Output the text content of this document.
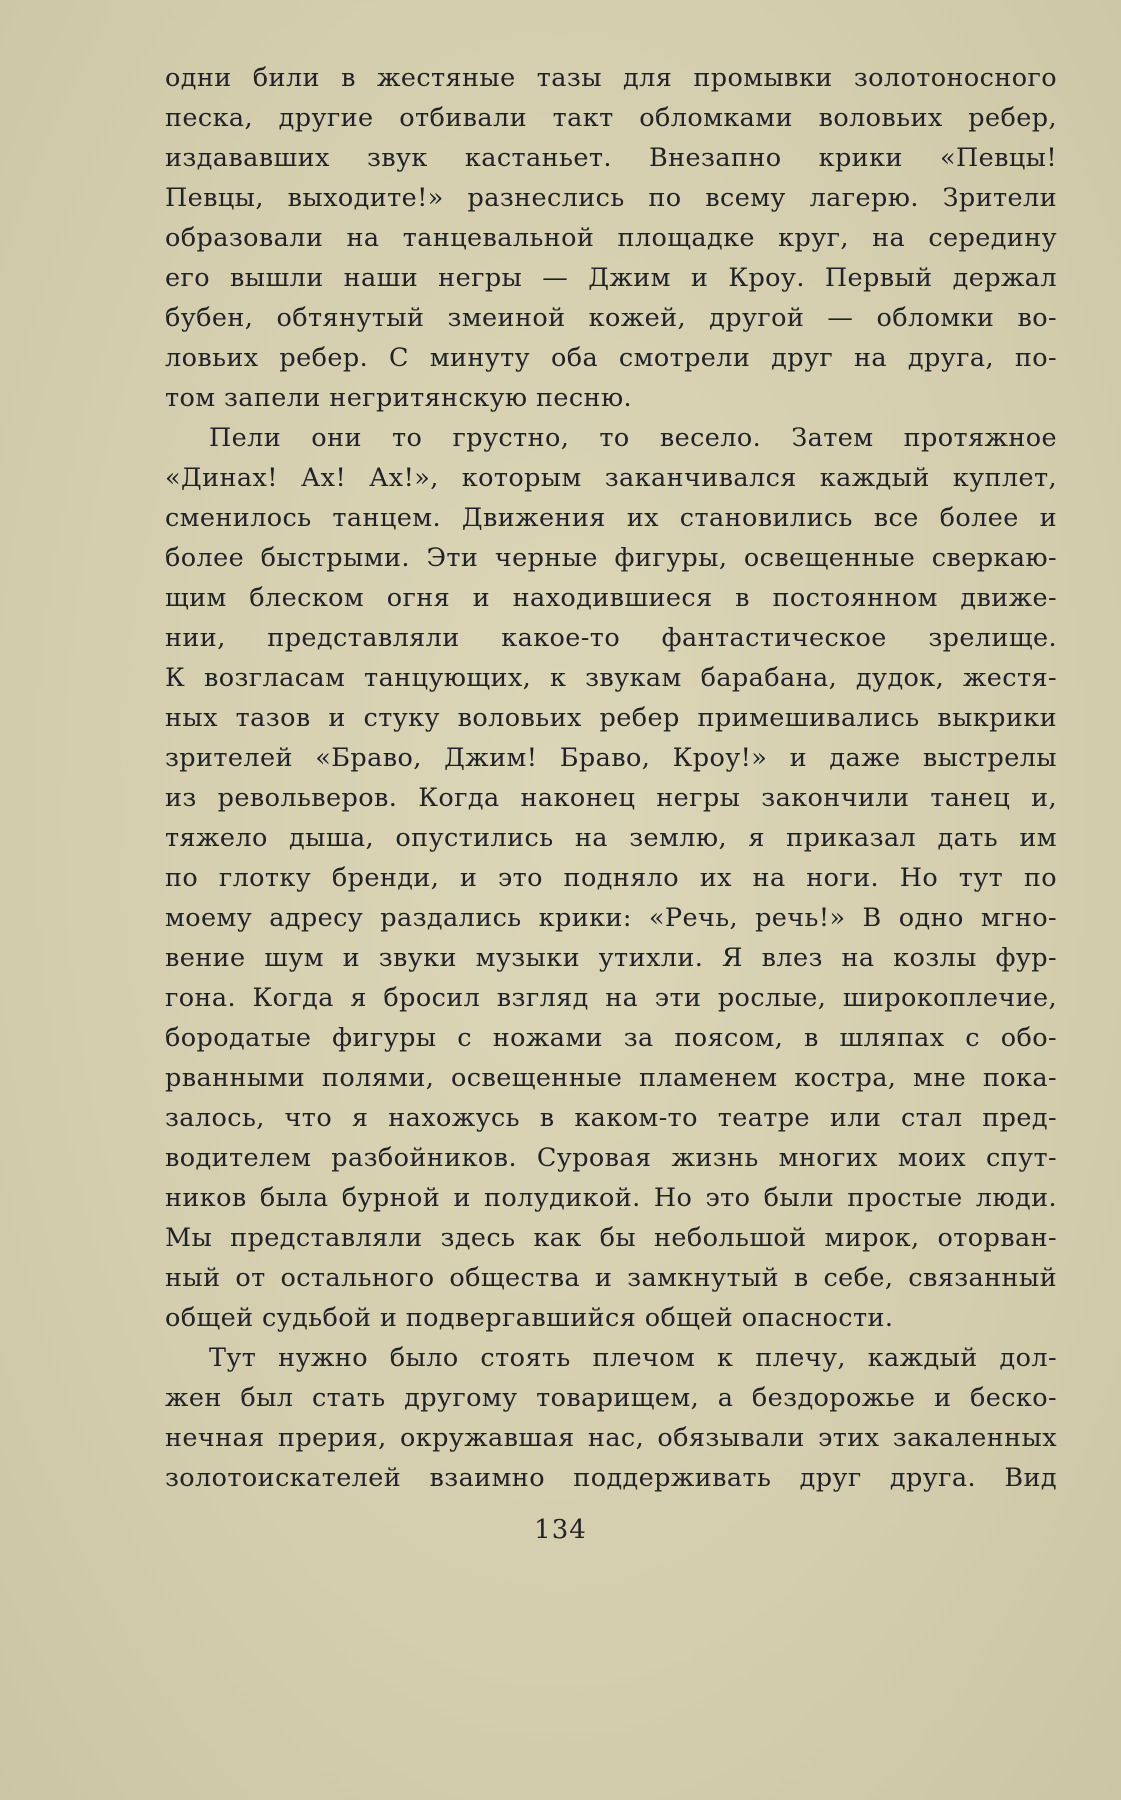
одни били в жестяные тазы для промывки золотоносного
песка, другие отбивали такт обломками воловьих ребер,
издававших звук кастаньет. Внезапно крики «Певцы!
Певцы, выходите!» разнеслись по всему лагерю. Зрители
образовали на танцевальной площадке круг, на середину
его вышли наши негры — Джим и Кроу. Первый держал
бубен, обтянутый змеиной кожей, другой — обломки во-
ловьих ребер. С минуту оба смотрели друг на друга, по-
том запели негритянскую песню.
Пели они то грустно, то весело. Затем протяжное
«Динах! Ах! Ах!», которым заканчивался каждый куплет,
сменилось танцем. Движения их становились все более и
более быстрыми. Эти черные фигуры, освещенные сверкаю-
щим блеском огня и находившиеся в постоянном движе-
нии, представляли какое-то фантастическое зрелище.
К возгласам танцующих, к звукам барабана, дудок, жестя-
ных тазов и стуку воловьих ребер примешивались выкрики
зрителей «Браво, Джим! Браво, Кроу!» и даже выстрелы
из револьверов. Когда наконец негры закончили танец и,
тяжело дыша, опустились на землю, я приказал дать им
по глотку бренди, и это подняло их на ноги. Но тут по
моему адресу раздались крики: «Речь, речь!» В одно мгно-
вение шум и звуки музыки утихли. Я влез на козлы фур-
гона. Когда я бросил взгляд на эти рослые, широкоплечие,
бородатые фигуры с ножами за поясом, в шляпах с обо-
рванными полями, освещенные пламенем костра, мне пока-
залось, что я нахожусь в каком-то театре или стал пред-
водителем разбойников. Суровая жизнь многих моих спут-
ников была бурной и полудикой. Но это были простые люди.
Мы представляли здесь как бы небольшой мирок, оторван-
ный от остального общества и замкнутый в себе, связанный
общей судьбой и подвергавшийся общей опасности.
Тут нужно было стоять плечом к плечу, каждый дол-
жен был стать другому товарищем, а бездорожье и беско-
нечная прерия, окружавшая нас, обязывали этих закаленных
золотоискателей взаимно поддерживать друг друга. Вид
134
